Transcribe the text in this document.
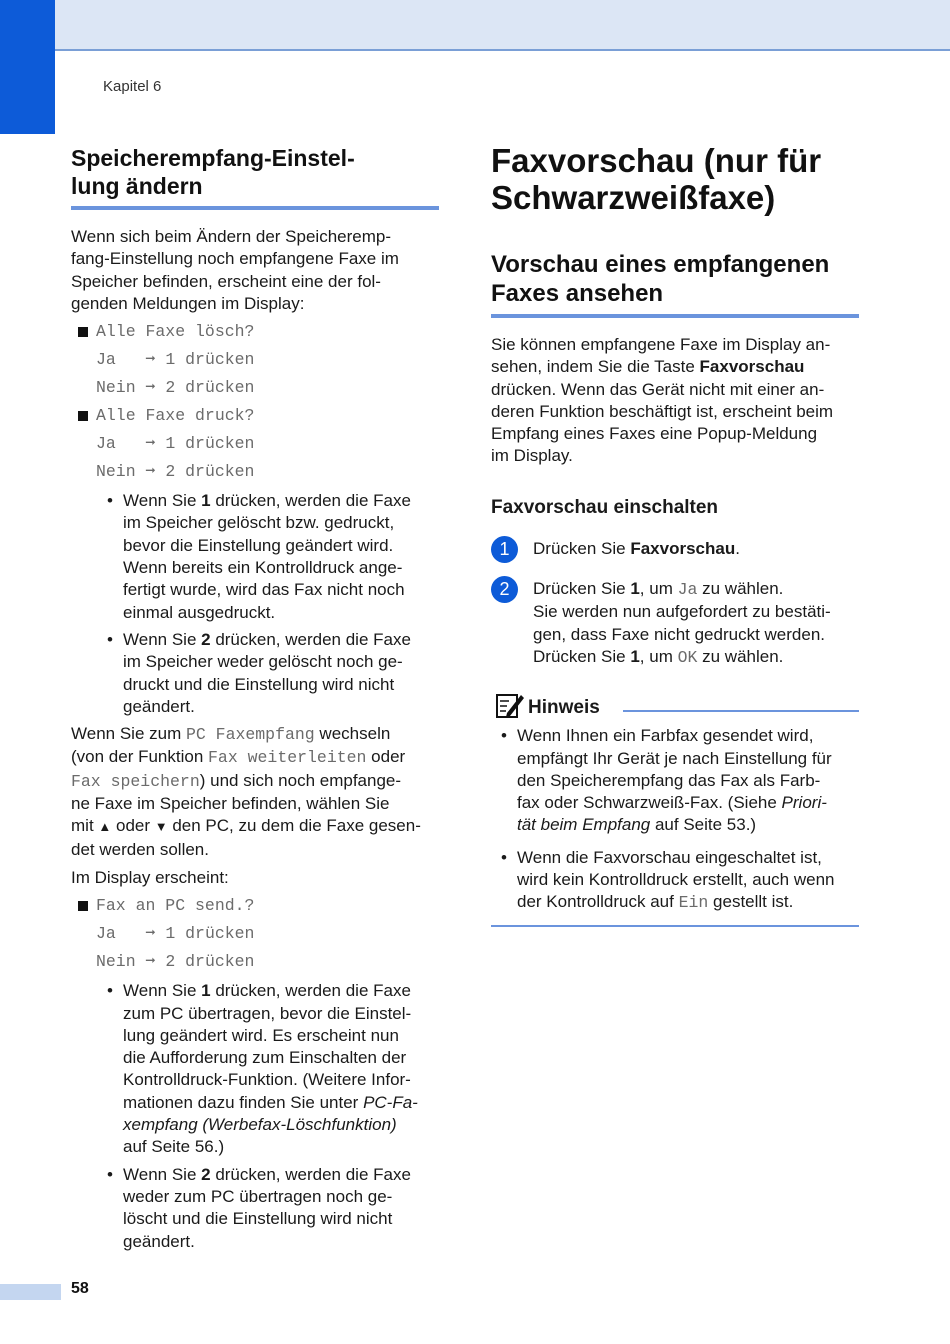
Kapitel 6
Speicherempfang-Einstel-
lung ändern

Wenn sich beim Ändern der Speicheremp-
fang-Einstellung noch empfangene Faxe im
Speicher befinden, erscheint eine der fol-
genden Meldungen im Display:

Alle Faxe lösch?
Ja   ➞ 1 drücken
Nein ➞ 2 drücken
Alle Faxe druck?
Ja   ➞ 1 drücken
Nein ➞ 2 drücken
• Wenn Sie 1 drücken, werden die Faxe
im Speicher gelöscht bzw. gedruckt,
bevor die Einstellung geändert wird.
Wenn bereits ein Kontrolldruck ange-
fertigt wurde, wird das Fax nicht noch
einmal ausgedruckt.
• Wenn Sie 2 drücken, werden die Faxe
im Speicher weder gelöscht noch ge-
druckt und die Einstellung wird nicht
geändert.

Wenn Sie zum PC Faxempfang wechseln
(von der Funktion Fax weiterleiten oder
Fax speichern) und sich noch empfange-
ne Faxe im Speicher befinden, wählen Sie
mit ▲ oder ▼ den PC, zu dem die Faxe gesen-
det werden sollen.

Im Display erscheint:

Fax an PC send.?
Ja   ➞ 1 drücken
Nein ➞ 2 drücken
• Wenn Sie 1 drücken, werden die Faxe
zum PC übertragen, bevor die Einstel-
lung geändert wird. Es erscheint nun
die Aufforderung zum Einschalten der
Kontrolldruck-Funktion. (Weitere Infor-
mationen dazu finden Sie unter PC-Fa-
xempfang (Werbefax-Löschfunktion)
auf Seite 56.)
• Wenn Sie 2 drücken, werden die Faxe
weder zum PC übertragen noch ge-
löscht und die Einstellung wird nicht
geändert.
Faxvorschau (nur für
Schwarzweißfaxe)
Vorschau eines empfangenen
Faxes ansehen

Sie können empfangene Faxe im Display an-
sehen, indem Sie die Taste Faxvorschau
drücken. Wenn das Gerät nicht mit einer an-
deren Funktion beschäftigt ist, erscheint beim
Empfang eines Faxes eine Popup-Meldung
im Display.

Faxvorschau einschalten
1	Drücken Sie Faxvorschau.

2	Drücken Sie 1, um Ja zu wählen.
Sie werden nun aufgefordert zu bestäti-
gen, dass Faxe nicht gedruckt werden.
Drücken Sie 1, um OK zu wählen.

Hinweis
• Wenn Ihnen ein Farbfax gesendet wird,
empfängt Ihr Gerät je nach Einstellung für
den Speicherempfang das Fax als Farb-
fax oder Schwarzweiß-Fax. (Siehe Priori-
tät beim Empfang auf Seite 53.)
• Wenn die Faxvorschau eingeschaltet ist,
wird kein Kontrolldruck erstellt, auch wenn
der Kontrolldruck auf Ein gestellt ist.
58
